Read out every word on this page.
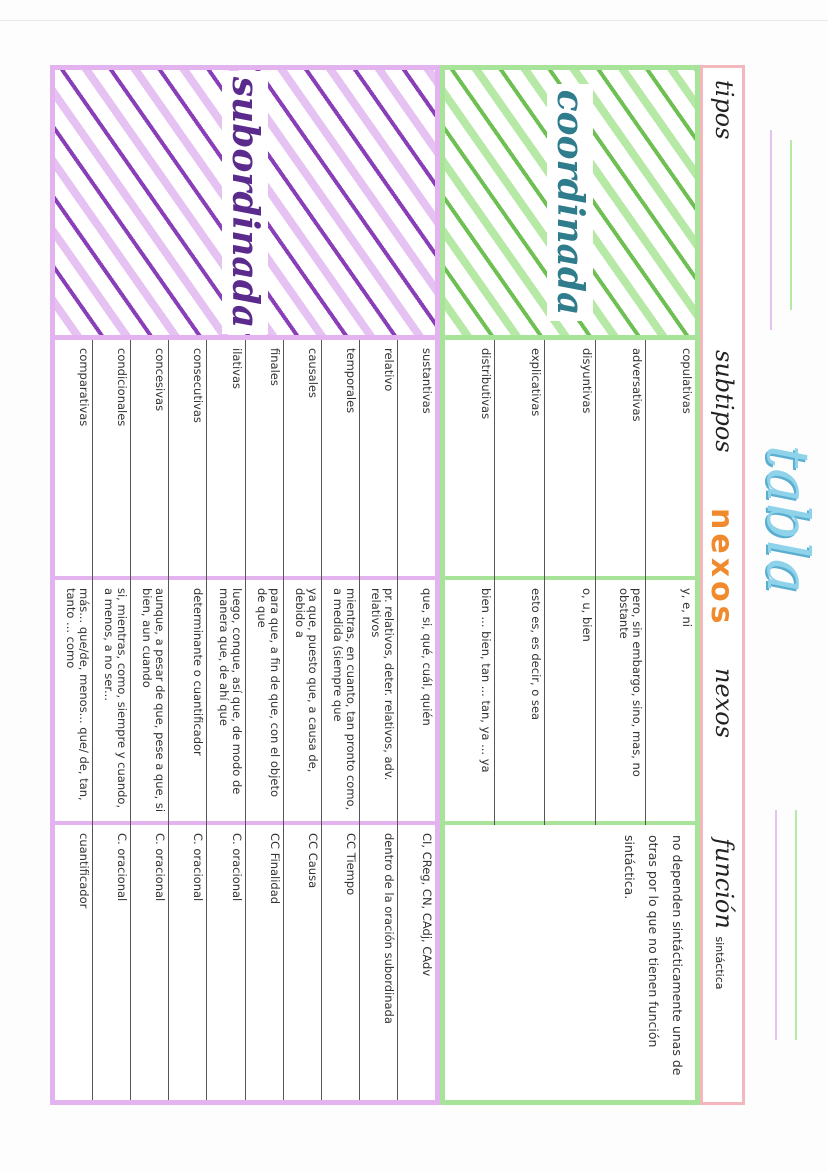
tabla
tipos
subtipos
nexos
nexos
función sintáctica
coordinada
copulativas
y, e, ni
adversativas
pero, sin embargo, sino, mas, no obstante
disyuntivas
o, u, bien
explicativas
esto es, es decir, o sea
distributivas
bien ... bien, tan ... tan, ya ... ya
no dependen sintácticamente unas de otras por lo que no tienen función sintáctica.
subordinada
sustantivas
que, si, qué, cuál, quién
CI, CReg, CN, CAdj, CAdv
relativo
pr. relativos, deter. relativos, adv. relativos
dentro de la oración subordinada
temporales
mientras, en cuanto, tan pronto como, a medida (siempre que
CC Tiempo
causales
ya que, puesto que, a causa de, debido a
CC Causa
finales
para que, a fin de que, con el objeto de que
CC Finalidad
ilativas
luego, conque, así que, de modo de manera que, de ahí que
C. oracional
consecutivas
determinante o cuantificador
C. oracional
concesivas
aunque, a pesar de que, pese a que, si bien, aun cuando
C. oracional
condicionales
si, mientras, como, siempre y cuando, a menos, a no ser...
C. oracional
comparativas
más... que/de, menos... que/ de, tan, tanto ... como
cuantificador
